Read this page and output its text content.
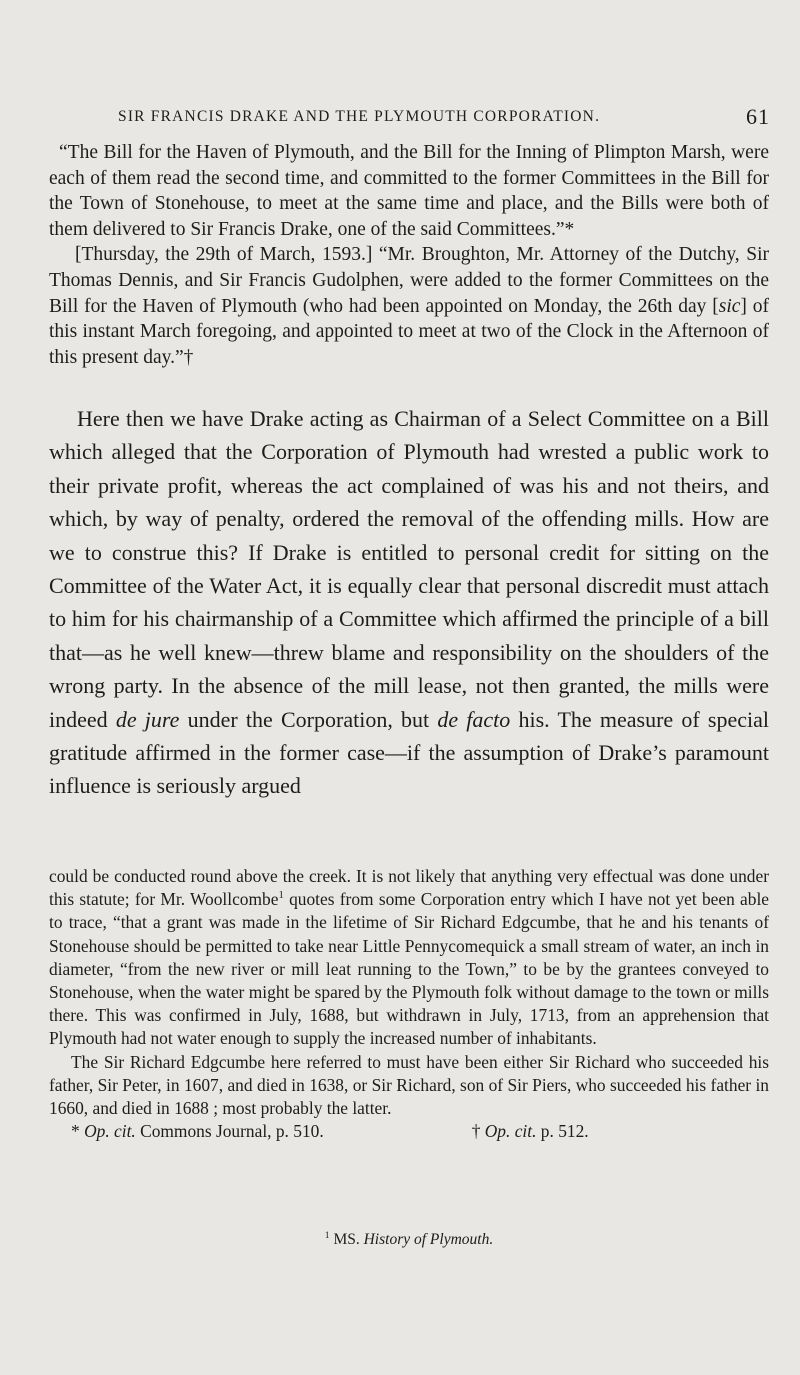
SIR FRANCIS DRAKE AND THE PLYMOUTH CORPORATION.	61

“The Bill for the Haven of Plymouth, and the Bill for the Inning of Plimpton Marsh, were each of them read the second time, and committed to the former Committees in the Bill for the Town of Stonehouse, to meet at the same time and place, and the Bills were both of them delivered to Sir Francis Drake, one of the said Committees.”*

[Thursday, the 29th of March, 1593.] “Mr. Broughton, Mr. Attorney of the Dutchy, Sir Thomas Dennis, and Sir Francis Gudolphen, were added to the former Committees on the Bill for the Haven of Plymouth (who had been appointed on Monday, the 26th day [sic] of this instant March foregoing, and appointed to meet at two of the Clock in the Afternoon of this present day.”†

Here then we have Drake acting as Chairman of a Select Committee on a Bill which alleged that the Corporation of Plymouth had wrested a public work to their private profit, whereas the act complained of was his and not theirs, and which, by way of penalty, ordered the removal of the offending mills. How are we to construe this? If Drake is entitled to personal credit for sitting on the Committee of the Water Act, it is equally clear that personal discredit must attach to him for his chairmanship of a Committee which affirmed the principle of a bill that—as he well knew—threw blame and responsibility on the shoulders of the wrong party. In the absence of the mill lease, not then granted, the mills were indeed de jure under the Corporation, but de facto his. The measure of special gratitude affirmed in the former case—if the assumption of Drake’s paramount influence is seriously argued

could be conducted round above the creek. It is not likely that anything very effectual was done under this statute; for Mr. Woollcombe$^1$ quotes from some Corporation entry which I have not yet been able to trace, “that a grant was made in the lifetime of Sir Richard Edgcumbe, that he and his tenants of Stonehouse should be permitted to take near Little Pennycomequick a small stream of water, an inch in diameter, “from the new river or mill leat running to the Town,” to be by the grantees conveyed to Stonehouse, when the water might be spared by the Plymouth folk without damage to the town or mills there. This was confirmed in July, 1688, but withdrawn in July, 1713, from an apprehension that Plymouth had not water enough to supply the increased number of inhabitants.

The Sir Richard Edgcumbe here referred to must have been either Sir Richard who succeeded his father, Sir Peter, in 1607, and died in 1638, or Sir Richard, son of Sir Piers, who succeeded his father in 1660, and died in 1688 ; most probably the latter.

* Op. cit. Commons Journal, p. 510.	† Op. cit. p. 512.

$^1$ MS. History of Plymouth.
